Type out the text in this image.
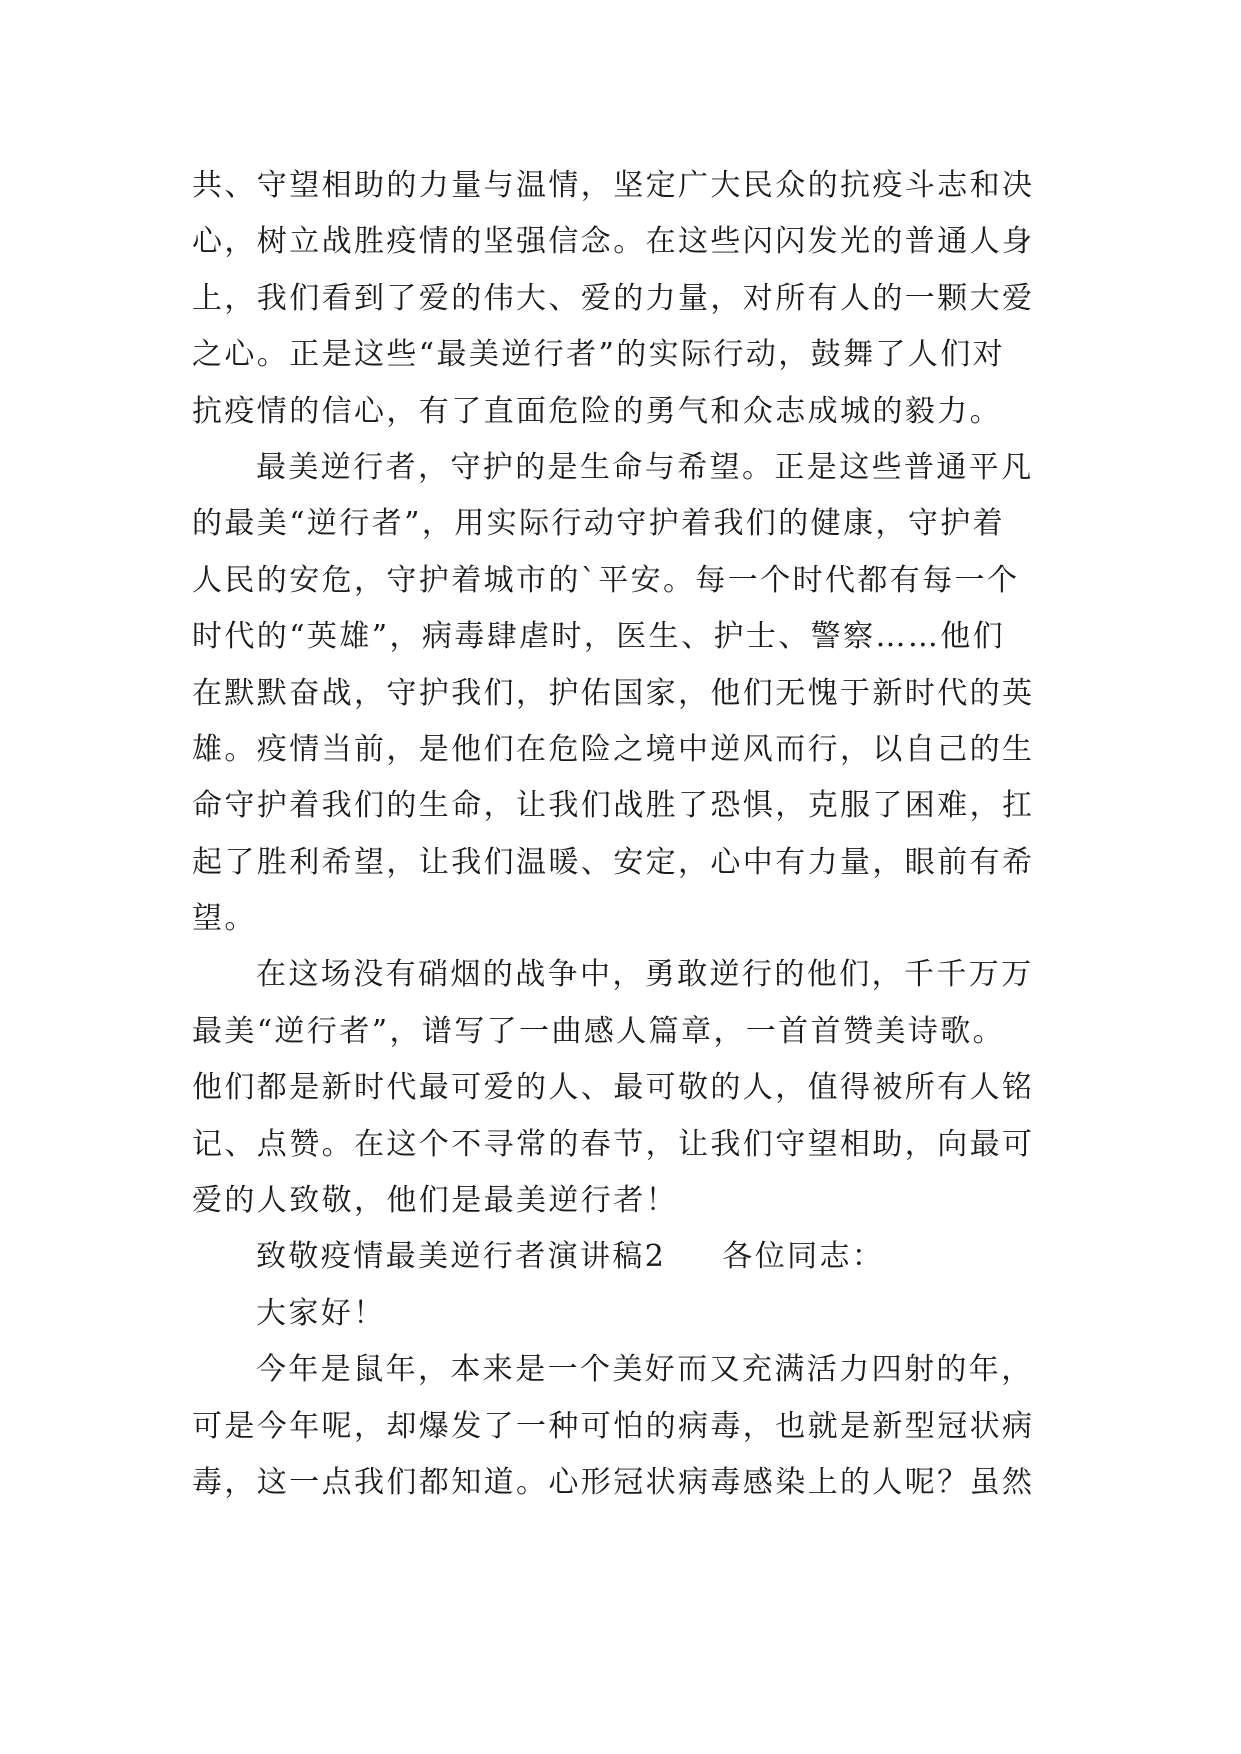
共、守望相助的力量与温情，坚定广大民众的抗疫斗志和决
心，树立战胜疫情的坚强信念。在这些闪闪发光的普通人身
上，我们看到了爱的伟大、爱的力量，对所有人的一颗大爱
之心。正是这些“最美逆行者”的实际行动，鼓舞了人们对
抗疫情的信心，有了直面危险的勇气和众志成城的毅力。
最美逆行者，守护的是生命与希望。正是这些普通平凡
的最美“逆行者”，用实际行动守护着我们的健康，守护着
人民的安危，守护着城市的`平安。每一个时代都有每一个
时代的“英雄”，病毒肆虐时，医生、护士、警察……他们
在默默奋战，守护我们，护佑国家，他们无愧于新时代的英
雄。疫情当前，是他们在危险之境中逆风而行，以自己的生
命守护着我们的生命，让我们战胜了恐惧，克服了困难，扛
起了胜利希望，让我们温暖、安定，心中有力量，眼前有希
望。
在这场没有硝烟的战争中，勇敢逆行的他们，千千万万
最美“逆行者”，谱写了一曲感人篇章，一首首赞美诗歌。
他们都是新时代最可爱的人、最可敬的人，值得被所有人铭
记、点赞。在这个不寻常的春节，让我们守望相助，向最可
爱的人致敬，他们是最美逆行者！
致敬疫情最美逆行者演讲稿2 各位同志：
大家好！
今年是鼠年，本来是一个美好而又充满活力四射的年，
可是今年呢，却爆发了一种可怕的病毒，也就是新型冠状病
毒，这一点我们都知道。心形冠状病毒感染上的人呢？虽然
